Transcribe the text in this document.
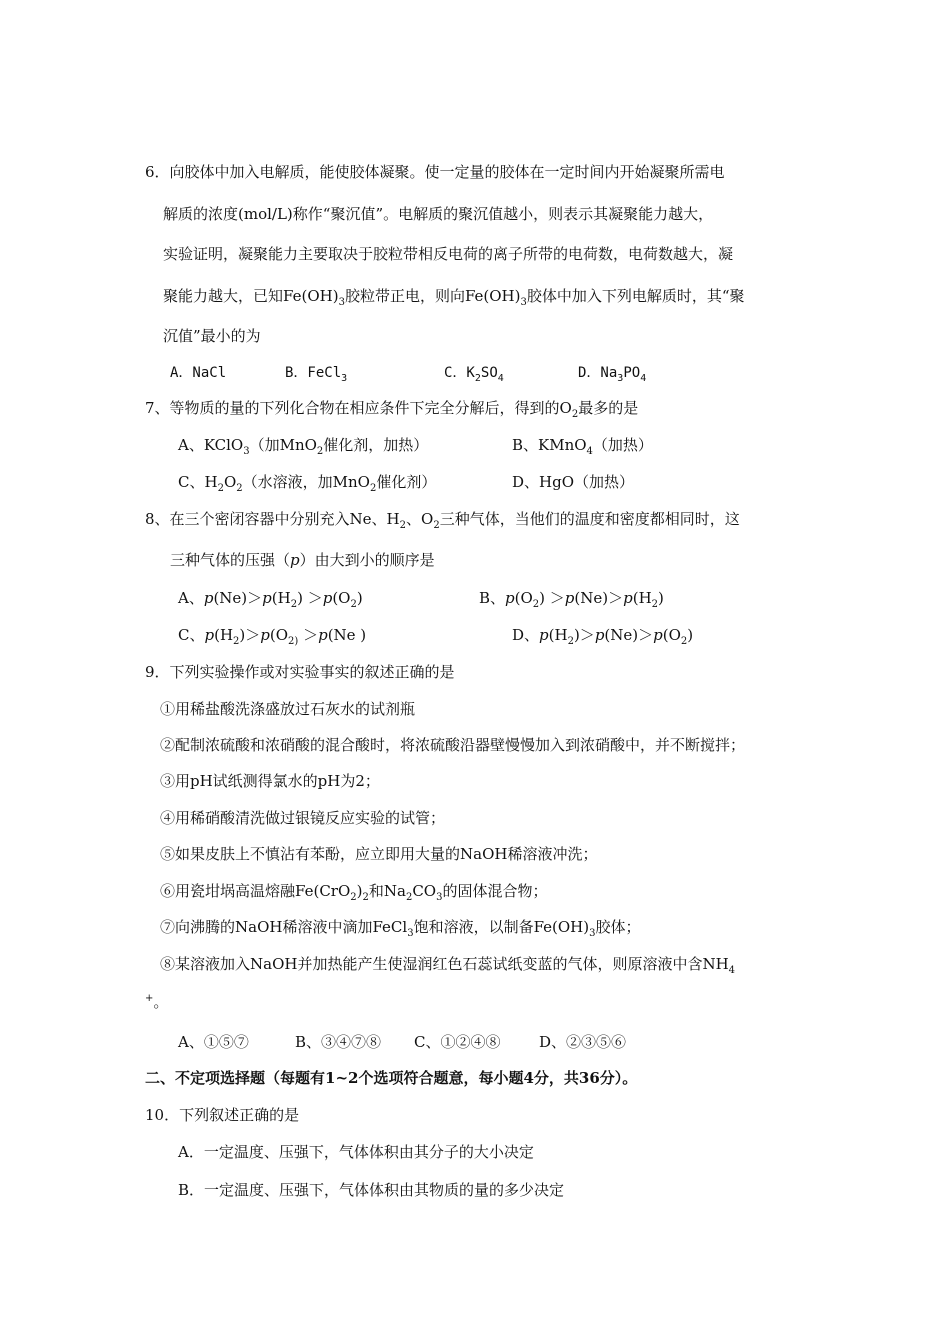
6．向胶体中加入电解质，能使胶体凝聚。使一定量的胶体在一定时间内开始凝聚所需电
解质的浓度(mol/L)称作“聚沉值”。电解质的聚沉值越小，则表示其凝聚能力越大，
实验证明，凝聚能力主要取决于胶粒带相反电荷的离子所带的电荷数，电荷数越大，凝
聚能力越大，已知$Fe(OH)_3$胶粒带正电，则向$Fe(OH)_3$胶体中加入下列电解质时，其“聚
沉值”最小的为
A．NaCl	B．FeCl$_3$	C．$K_2SO_4$	D．$Na_3PO_4$
7、等物质的量的下列化合物在相应条件下完全分解后，得到的$O_2$最多的是
A、KClO$_3$（加MnO$_2$催化剂，加热）	B、KMnO$_4$（加热）
C、$H_2O_2$（水溶液，加MnO$_2$催化剂）	D、HgO（加热）
8、在三个密闭容器中分别充入Ne、$H_2$、$O_2$三种气体，当他们的温度和密度都相同时，这
三种气体的压强（p）由大到小的顺序是
A、$p(Ne)>p(H_2) >p(O_2)$	B、$p(O_2) >p(Ne)>p(H_2)$
C、$p(H_2)>p(O_{2)} >p(Ne$ )	D、$p(H_2)>p(Ne)>p(O_2)$
9．下列实验操作或对实验事实的叙述正确的是
①用稀盐酸洗涤盛放过石灰水的试剂瓶
②配制浓硫酸和浓硝酸的混合酸时，将浓硫酸沿器壁慢慢加入到浓硝酸中，并不断搅拌；
③用pH试纸测得氯水的pH为2；
④用稀硝酸清洗做过银镜反应实验的试管；
⑤如果皮肤上不慎沾有苯酚，应立即用大量的NaOH稀溶液冲洗；
⑥用瓷坩埚高温熔融$Fe(CrO_2)_2$和$Na_2CO_3$的固体混合物；
⑦向沸腾的NaOH稀溶液中滴加FeCl$_3$饱和溶液，以制备$Fe(OH)_3$胶体；
⑧某溶液加入NaOH并加热能产生使湿润红色石蕊试纸变蓝的气体，则原溶液中含$NH_4$
+。
A、①⑤⑦	B、③④⑦⑧ C、①②④⑧	D、②③⑤⑥
二、不定项选择题（每题有1~2个选项符合题意，每小题4分，共36分）。
10．下列叙述正确的是
A．一定温度、压强下，气体体积由其分子的大小决定
B．一定温度、压强下，气体体积由其物质的量的多少决定
